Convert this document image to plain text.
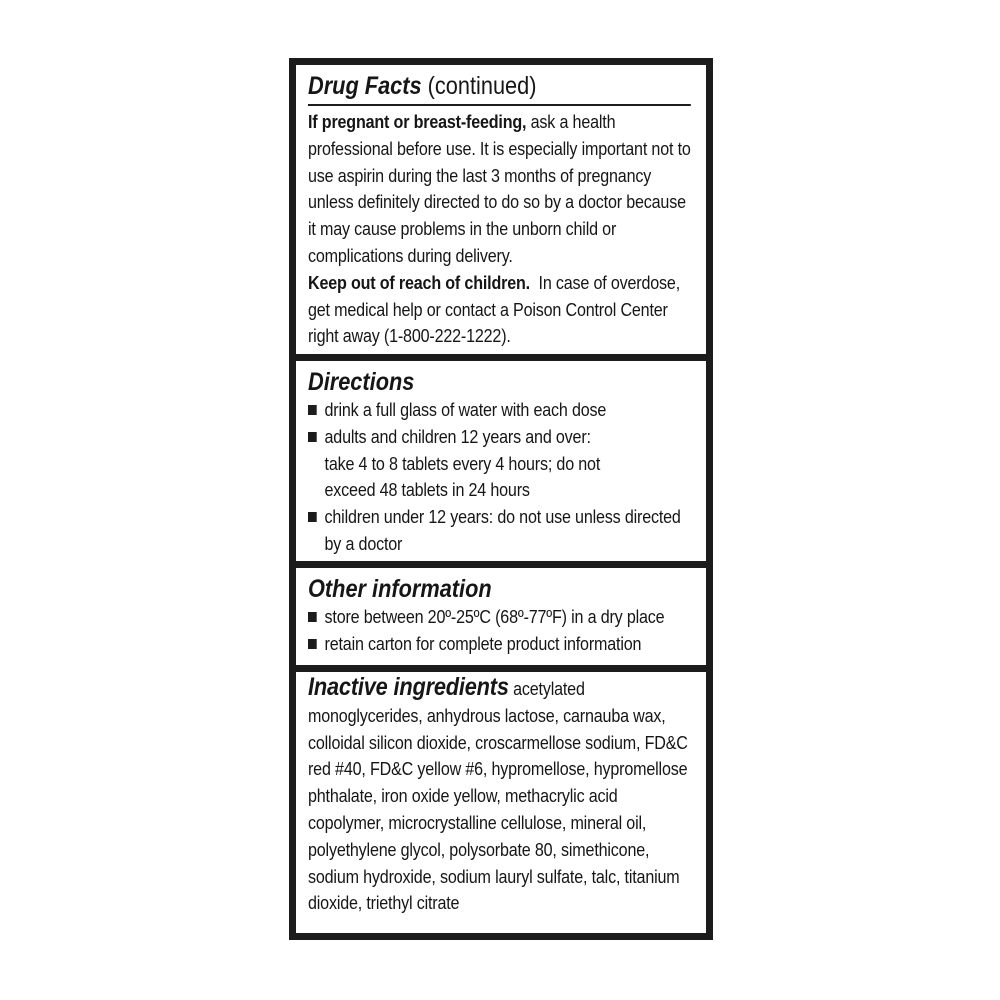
Drug Facts (continued)

If pregnant or breast-feeding, ask a health professional before use. It is especially important not to use aspirin during the last 3 months of pregnancy unless definitely directed to do so by a doctor because it may cause problems in the unborn child or complications during delivery.

Keep out of reach of children.  In case of overdose, get medical help or contact a Poison Control Center right away (1-800-222-1222).

Directions
drink a full glass of water with each dose
adults and children 12 years and over: take 4 to 8 tablets every 4 hours; do not exceed 48 tablets in 24 hours
children under 12 years: do not use unless directed by a doctor
Other information
store between 20º-25ºC (68º-77ºF) in a dry place
retain carton for complete product information
Inactive ingredients acetylated monoglycerides, anhydrous lactose, carnauba wax, colloidal silicon dioxide, croscarmellose sodium, FD&C red #40, FD&C yellow #6, hypromellose, hypromellose phthalate, iron oxide yellow, methacrylic acid copolymer, microcrystalline cellulose, mineral oil, polyethylene glycol, polysorbate 80, simethicone, sodium hydroxide, sodium lauryl sulfate, talc, titanium dioxide, triethyl citrate
